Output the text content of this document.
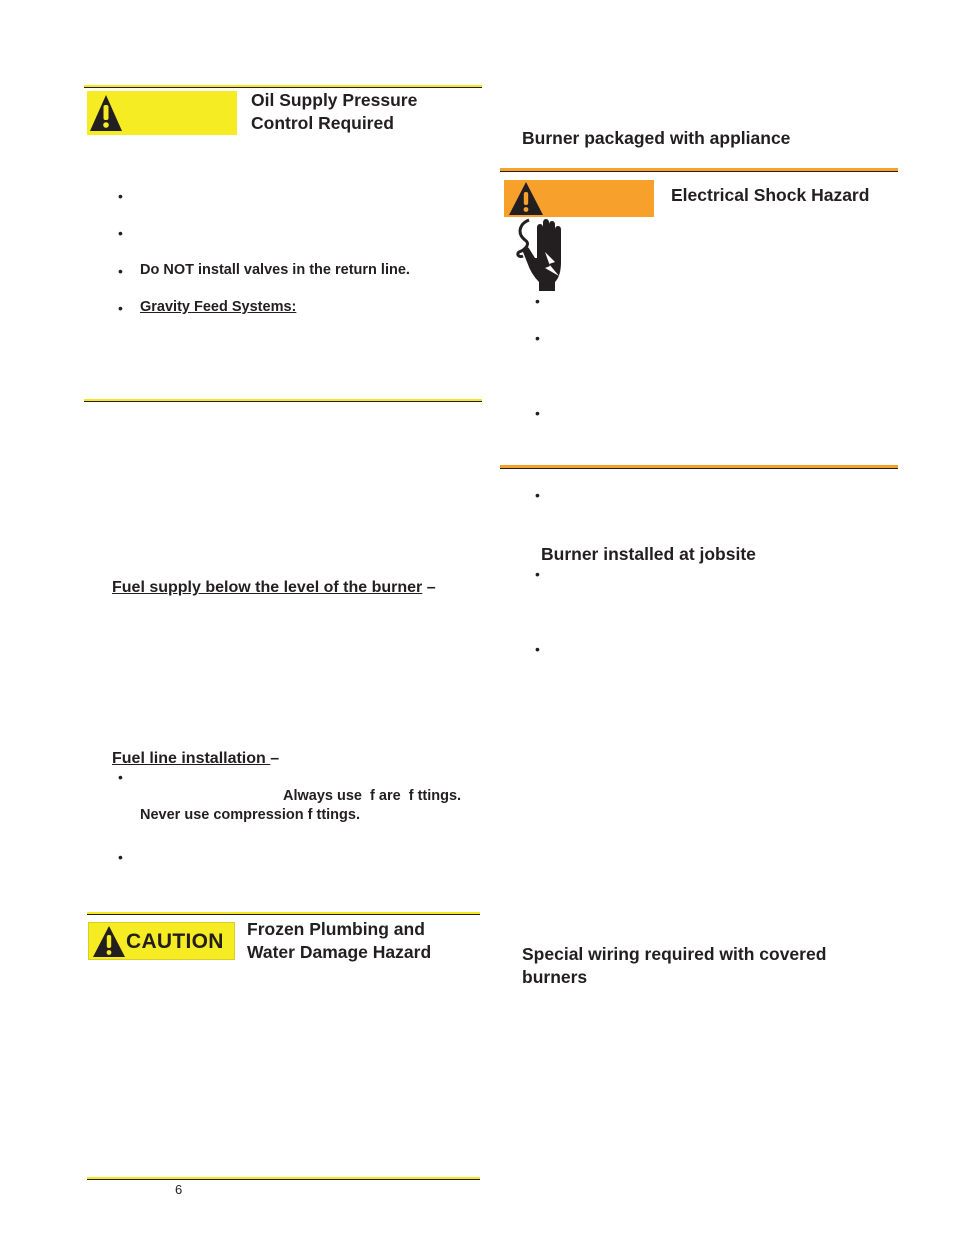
Oil Supply Pressure
Control Required
•
•
• Do NOT install valves in the return line.
• Gravity Feed Systems:
Fuel supply below the level of the burner –
Fuel line installation –
•
Always use  f are  f ttings.
Never use compression f ttings.
•
CAUTION
Frozen Plumbing and
Water Damage Hazard
6
Burner packaged with appliance
Electrical Shock Hazard
•
•
•
•
Burner installed at jobsite
•
•
Special wiring required with covered
burners
